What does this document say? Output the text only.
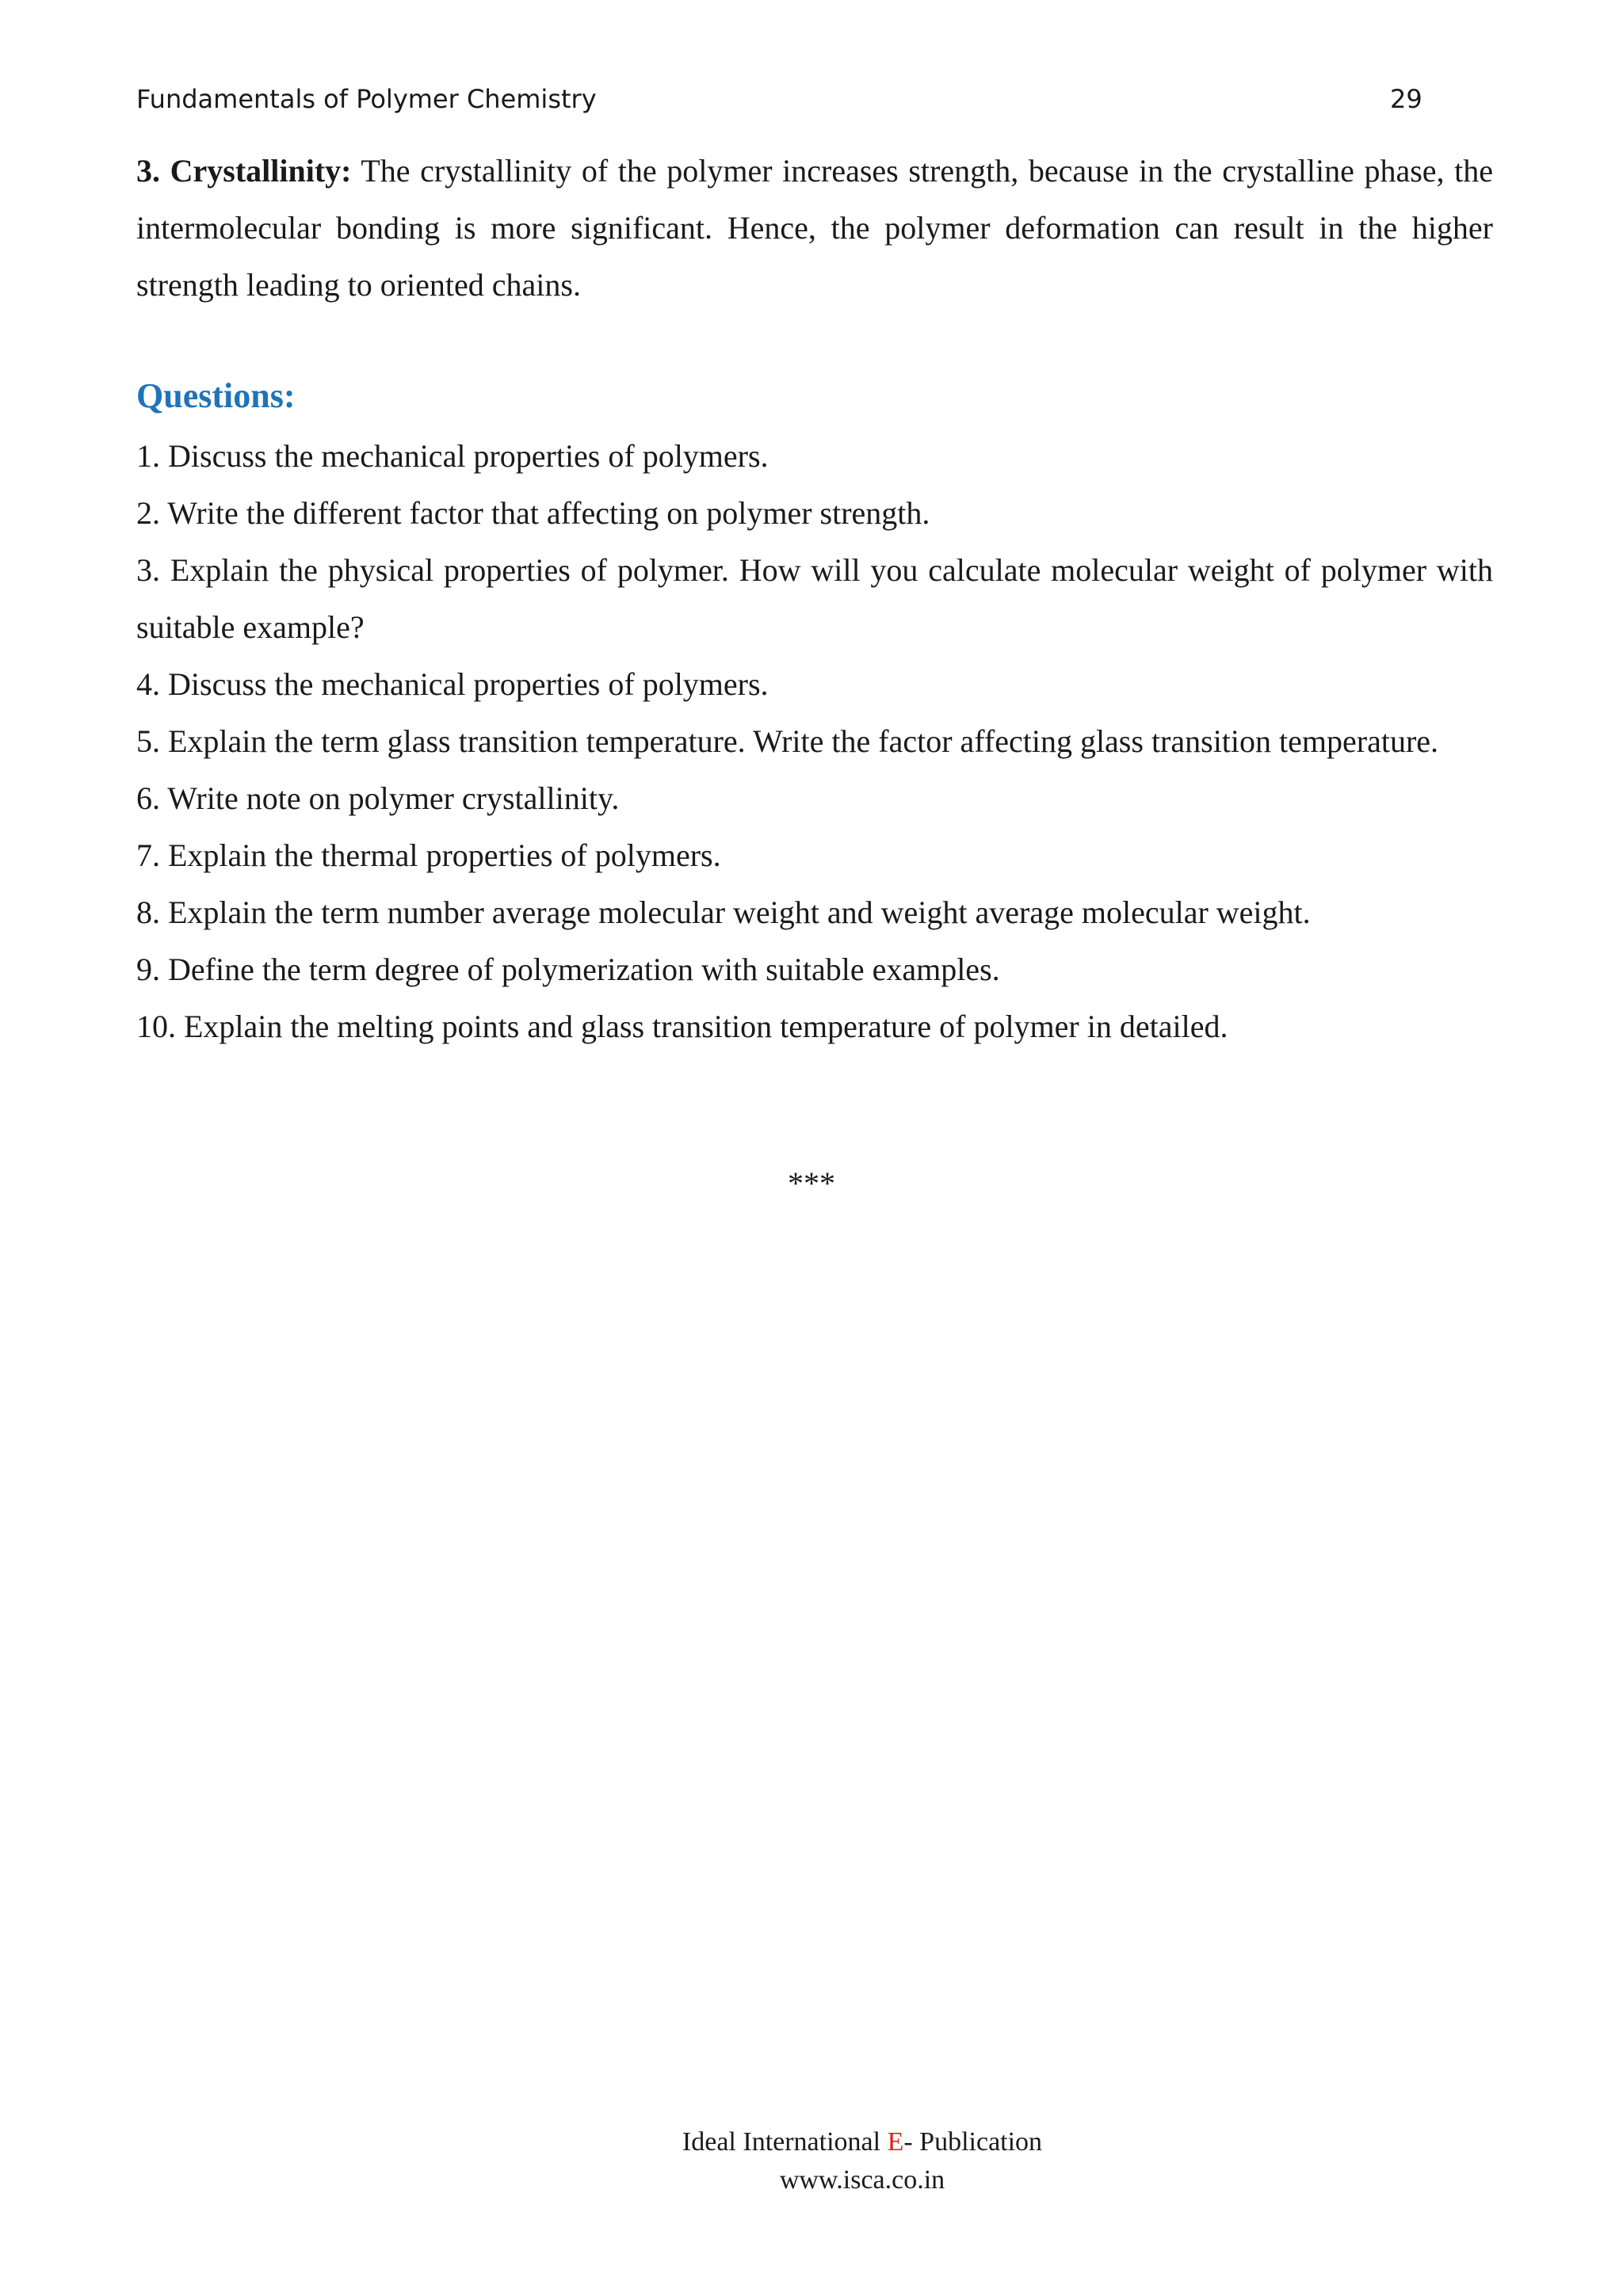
Fundamentals of Polymer Chemistry	29

3. Crystallinity: The crystallinity of the polymer increases strength, because in the crystalline phase, the intermolecular bonding is more significant. Hence, the polymer deformation can result in the higher strength leading to oriented chains.

Questions:
1. Discuss the mechanical properties of polymers.
2. Write the different factor that affecting on polymer strength.
3. Explain the physical properties of polymer. How will you calculate molecular weight of polymer with suitable example?
4. Discuss the mechanical properties of polymers.
5. Explain the term glass transition temperature. Write the factor affecting glass transition temperature.
6. Write note on polymer crystallinity.
7. Explain the thermal properties of polymers.
8. Explain the term number average molecular weight and weight average molecular weight.
9. Define the term degree of polymerization with suitable examples.
10. Explain the melting points and glass transition temperature of polymer in detailed.
***
Ideal International E- Publication
www.isca.co.in
